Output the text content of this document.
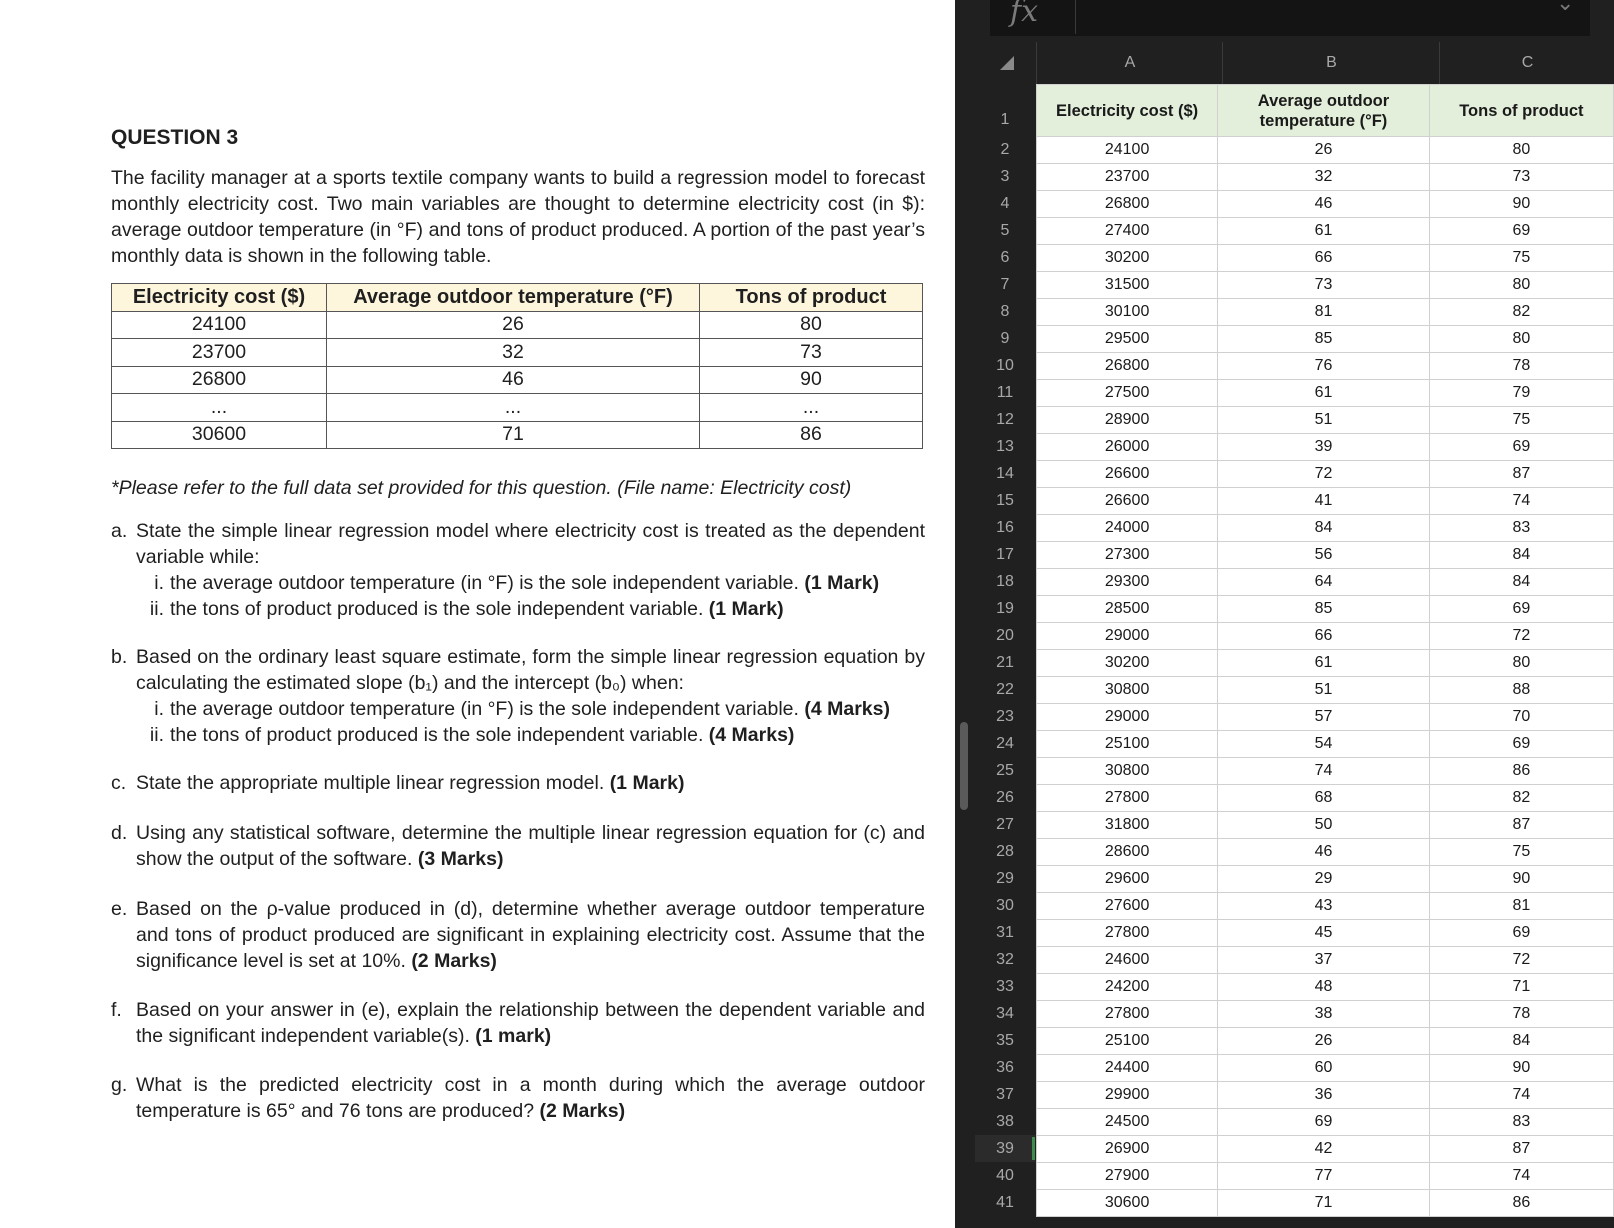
QUESTION 3

The facility manager at a sports textile company wants to build a regression model to forecast monthly electricity cost. Two main variables are thought to determine electricity cost (in $): average outdoor temperature (in °F) and tons of product produced. A portion of the past year’s monthly data is shown in the following table.

Electricity cost ($)	Average outdoor temperature (°F)	Tons of product
24100	26	80
23700	32	73
26800	46	90
...	...	...
30600	71	86

*Please refer to the full data set provided for this question. (File name: Electricity cost)

a. State the simple linear regression model where electricity cost is treated as the dependent variable while:
i. the average outdoor temperature (in °F) is the sole independent variable. (1 Mark)
ii. the tons of product produced is the sole independent variable. (1 Mark)
b. Based on the ordinary least square estimate, form the simple linear regression equation by calculating the estimated slope (b₁) and the intercept (b₀) when:
i. the average outdoor temperature (in °F) is the sole independent variable. (4 Marks)
ii. the tons of product produced is the sole independent variable. (4 Marks)
c. State the appropriate multiple linear regression model. (1 Mark)
d. Using any statistical software, determine the multiple linear regression equation for (c) and show the output of the software. (3 Marks)
e. Based on the ρ-value produced in (d), determine whether average outdoor temperature and tons of product produced are significant in explaining electricity cost. Assume that the significance level is set at 10%. (2 Marks)
f. Based on your answer in (e), explain the relationship between the dependent variable and the significant independent variable(s). (1 mark)
g. What is the predicted electricity cost in a month during which the average outdoor temperature is 65° and 76 tons are produced? (2 Marks)
fx	⌄
A	B	C
1
2
3
4
5
6
7
8
9
10
11
12
13
14
15
16
17
18
19
20
21
22
23
24
25
26
27
28
29
30
31
32
33
34
35
36
37
38
39
40
41
Electricity cost ($)	Average outdoor temperature (°F)	Tons of product
24100	26	80
23700	32	73
26800	46	90
27400	61	69
30200	66	75
31500	73	80
30100	81	82
29500	85	80
26800	76	78
27500	61	79
28900	51	75
26000	39	69
26600	72	87
26600	41	74
24000	84	83
27300	56	84
29300	64	84
28500	85	69
29000	66	72
30200	61	80
30800	51	88
29000	57	70
25100	54	69
30800	74	86
27800	68	82
31800	50	87
28600	46	75
29600	29	90
27600	43	81
27800	45	69
24600	37	72
24200	48	71
27800	38	78
25100	26	84
24400	60	90
29900	36	74
24500	69	83
26900	42	87
27900	77	74
30600	71	86
